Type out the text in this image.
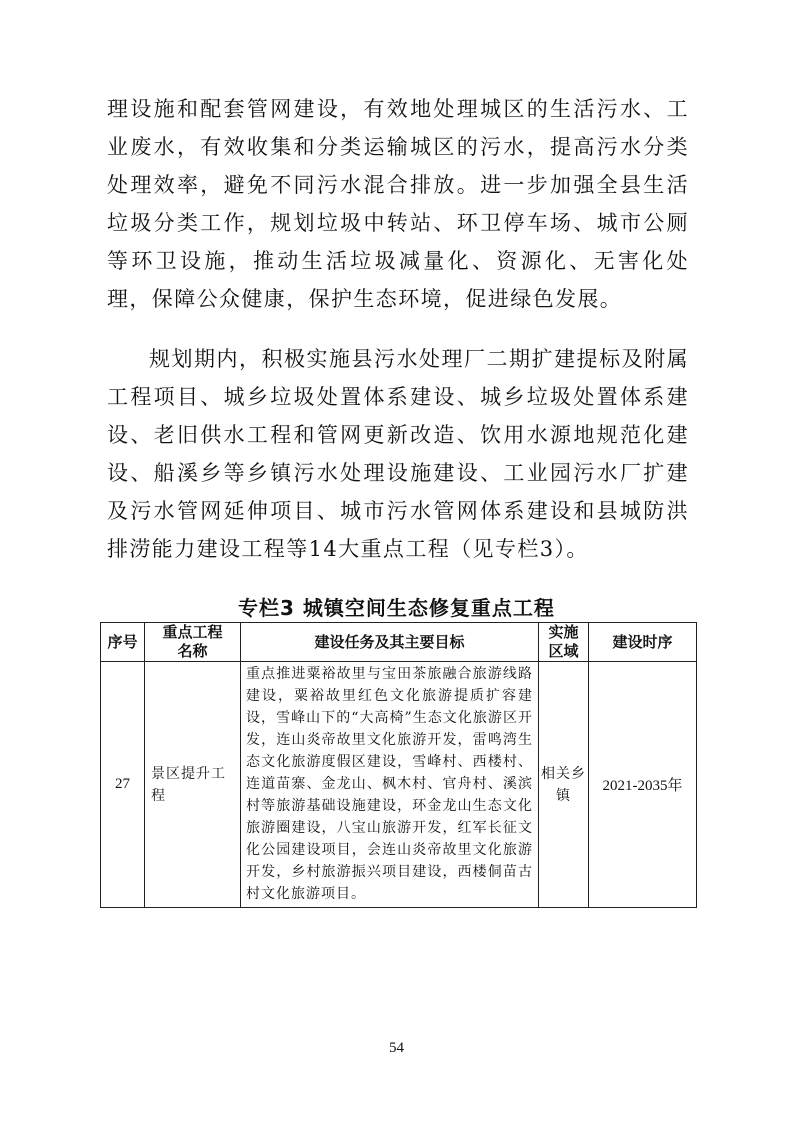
理设施和配套管网建设，有效地处理城区的生活污水、工业废水，有效收集和分类运输城区的污水，提高污水分类处理效率，避免不同污水混合排放。进一步加强全县生活垃圾分类工作，规划垃圾中转站、环卫停车场、城市公厕等环卫设施，推动生活垃圾减量化、资源化、无害化处理，保障公众健康，保护生态环境，促进绿色发展。

规划期内，积极实施县污水处理厂二期扩建提标及附属工程项目、城乡垃圾处置体系建设、城乡垃圾处置体系建设、老旧供水工程和管网更新改造、饮用水源地规范化建设、船溪乡等乡镇污水处理设施建设、工业园污水厂扩建及污水管网延伸项目、城市污水管网体系建设和县城防洪排涝能力建设工程等14大重点工程（见专栏3）。

专栏3 城镇空间生态修复重点工程

序号	重点工程名称	建设任务及其主要目标	实施区域	建设时序
27	景区提升工程	重点推进粟裕故里与宝田茶旅融合旅游线路建设，粟裕故里红色文化旅游提质扩容建设，雪峰山下的“大高椅”生态文化旅游区开发，连山炎帝故里文化旅游开发，雷鸣湾生态文化旅游度假区建设，雪峰村、西楼村、连道苗寨、金龙山、枫木村、官舟村、溪滨村等旅游基础设施建设，环金龙山生态文化旅游圈建设，八宝山旅游开发，红军长征文化公园建设项目，会连山炎帝故里文化旅游开发，乡村旅游振兴项目建设，西楼侗苗古村文化旅游项目。	相关乡镇	2021-2035年

54
